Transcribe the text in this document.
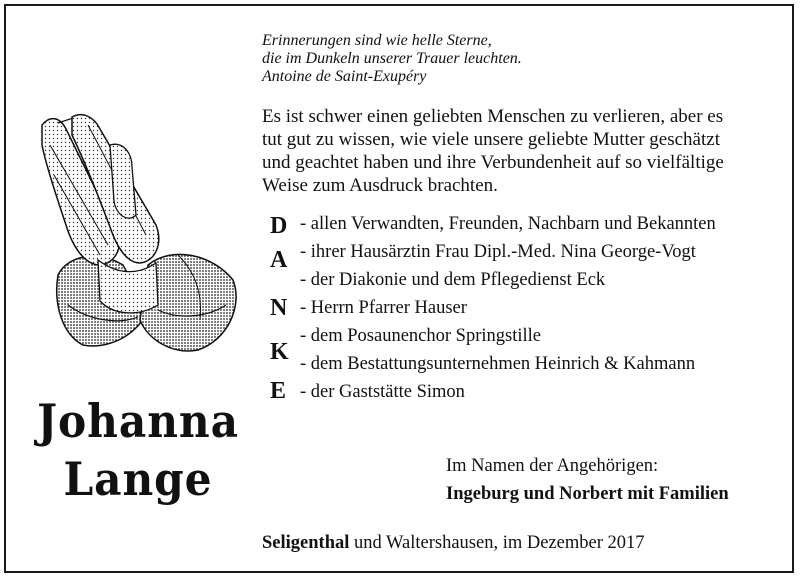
Erinnerungen sind wie helle Sterne,
die im Dunkeln unserer Trauer leuchten.
Antoine de Saint-Exupéry
Es ist schwer einen geliebten Menschen zu verlieren, aber es
tut gut zu wissen, wie viele unsere geliebte Mutter geschätzt
und geachtet haben und ihre Verbundenheit auf so vielfältige
Weise zum Ausdruck brachten.
D
A
N
K
E
- allen Verwandten, Freunden, Nachbarn und Bekannten
- ihrer Hausärztin Frau Dipl.-Med. Nina George-Vogt
- der Diakonie und dem Pflegedienst Eck
- Herrn Pfarrer Hauser
- dem Posaunenchor Springstille
- dem Bestattungsunternehmen Heinrich & Kahmann
- der Gaststätte Simon
Johanna
Lange	Im Namen der Angehörigen:
Ingeburg und Norbert mit Familien
Seligenthal und Waltershausen, im Dezember 2017
